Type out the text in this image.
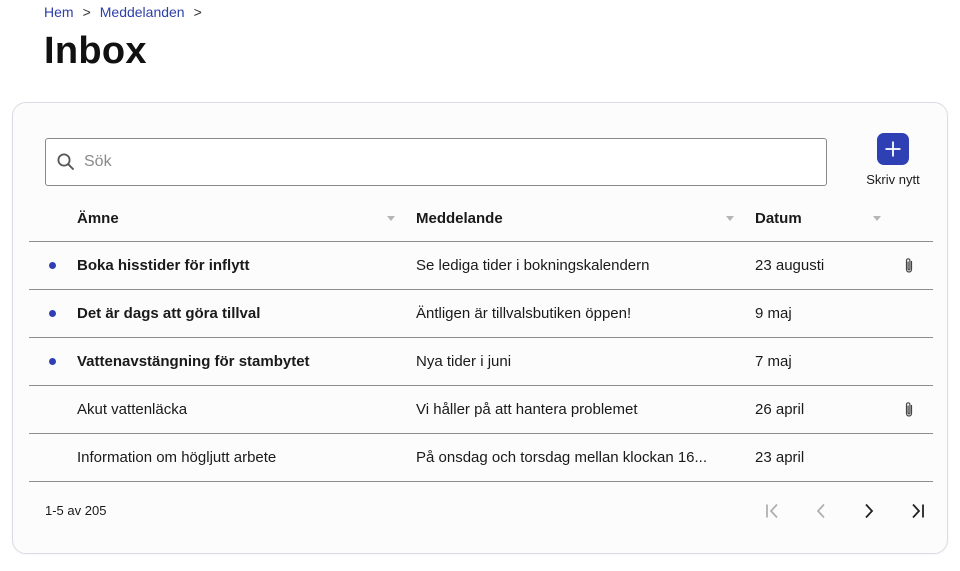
Hem > Meddelanden >
Inbox
Sök
Skriv nytt
Ämne	Meddelande	Datum
Boka hisstider för inflytt	Se lediga tider i bokningskalendern	23 augusti
Det är dags att göra tillval	Äntligen är tillvalsbutiken öppen!	9 maj
Vattenavstängning för stambytet	Nya tider i juni	7 maj
Akut vattenläcka	Vi håller på att hantera problemet	26 april
Information om högljutt arbete	På onsdag och torsdag mellan klockan 16...	23 april
1-5 av 205
